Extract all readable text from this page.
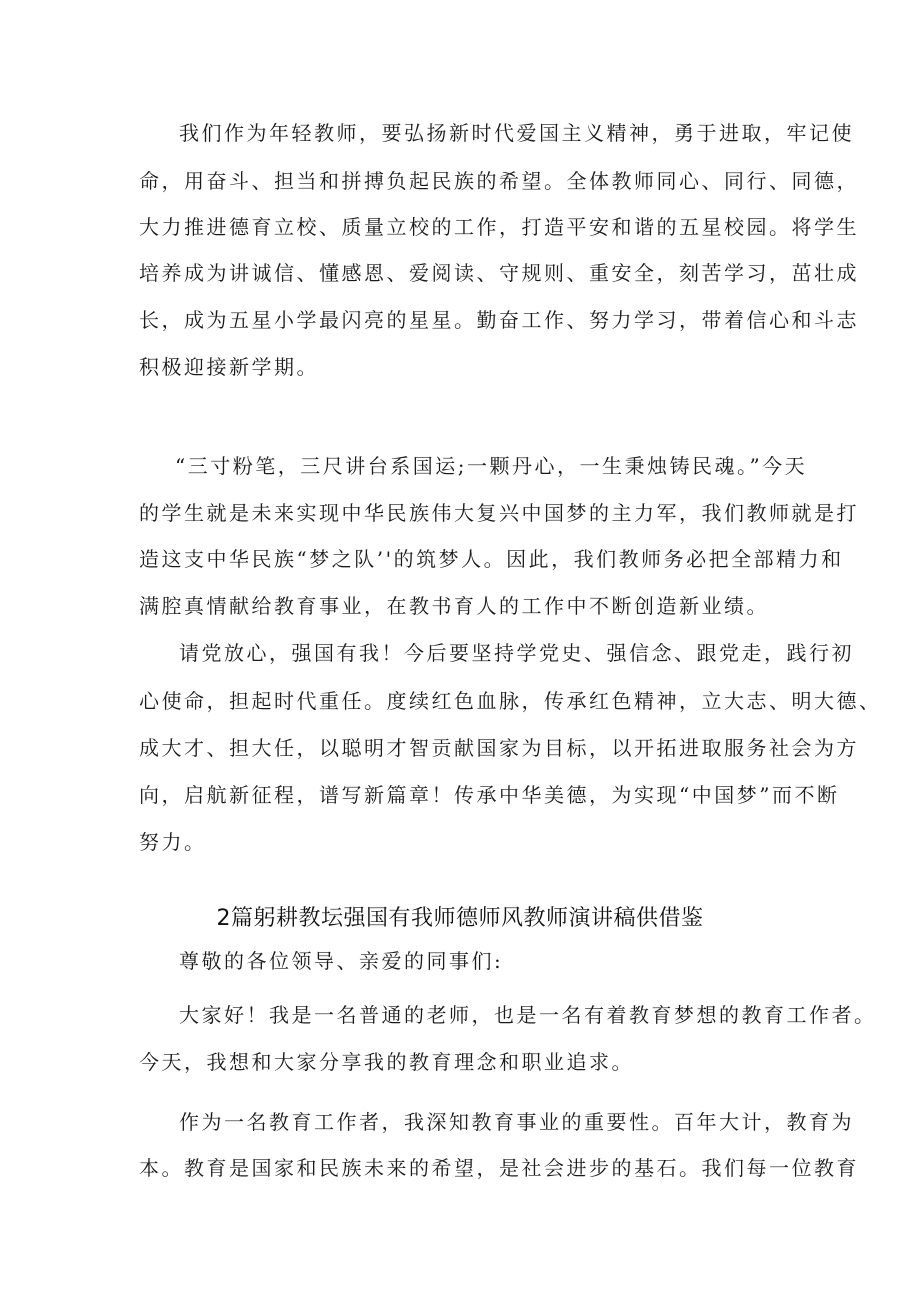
我们作为年轻教师，要弘扬新时代爱国主义精神，勇于进取，牢记使
命，用奋斗、担当和拼搏负起民族的希望。全体教师同心、同行、同德，
大力推进德育立校、质量立校的工作，打造平安和谐的五星校园。将学生
培养成为讲诚信、懂感恩、爱阅读、守规则、重安全，刻苦学习，茁壮成
长，成为五星小学最闪亮的星星。勤奋工作、努力学习，带着信心和斗志
积极迎接新学期。
“三寸粉笔，三尺讲台系国运;一颗丹心，一生秉烛铸民魂。”今天
的学生就是未来实现中华民族伟大复兴中国梦的主力军，我们教师就是打
造这支中华民族“梦之队’'的筑梦人。因此，我们教师务必把全部精力和
满腔真情献给教育事业，在教书育人的工作中不断创造新业绩。
请党放心，强国有我！今后要坚持学党史、强信念、跟党走，践行初
心使命，担起时代重任。度续红色血脉，传承红色精神，立大志、明大德、
成大才、担大任，以聪明才智贡献国家为目标，以开拓进取服务社会为方
向，启航新征程，谱写新篇章！传承中华美德，为实现“中国梦”而不断
努力。
2篇躬耕教坛强国有我师德师风教师演讲稿供借鉴
尊敬的各位领导、亲爱的同事们:
大家好！我是一名普通的老师，也是一名有着教育梦想的教育工作者。
今天，我想和大家分享我的教育理念和职业追求。
作为一名教育工作者，我深知教育事业的重要性。百年大计，教育为
本。教育是国家和民族未来的希望，是社会进步的基石。我们每一位教育
